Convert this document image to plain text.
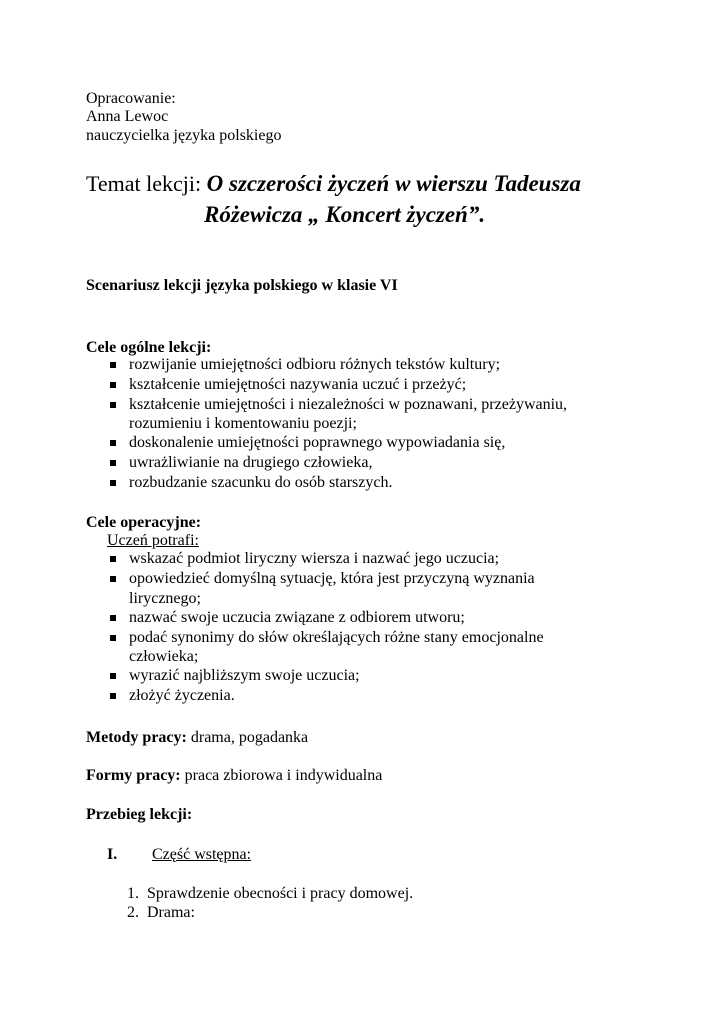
Opracowanie:
Anna Lewoc
nauczycielka języka polskiego
Temat lekcji: O szczerości życzeń w wierszu Tadeusza
Różewicza „ Koncert życzeń”.
Scenariusz lekcji języka polskiego w klasie VI
Cele ogólne lekcji:
rozwijanie umiejętności odbioru różnych tekstów kultury;
kształcenie umiejętności nazywania uczuć i przeżyć;
kształcenie umiejętności i niezależności w poznawani, przeżywaniu,
rozumieniu i komentowaniu poezji;
doskonalenie umiejętności poprawnego wypowiadania się,
uwrażliwianie na drugiego człowieka,
rozbudzanie szacunku do osób starszych.
Cele operacyjne:
Uczeń potrafi:
wskazać podmiot liryczny wiersza i nazwać jego uczucia;
opowiedzieć domyślną sytuację, która jest przyczyną wyznania
lirycznego;
nazwać swoje uczucia związane z odbiorem utworu;
podać synonimy do słów określających różne stany emocjonalne
człowieka;
wyrazić najbliższym swoje uczucia;
złożyć życzenia.
Metody pracy: drama, pogadanka
Formy pracy: praca zbiorowa i indywidualna
Przebieg lekcji:
I. Część wstępna:
1. Sprawdzenie obecności i pracy domowej.
2. Drama:
